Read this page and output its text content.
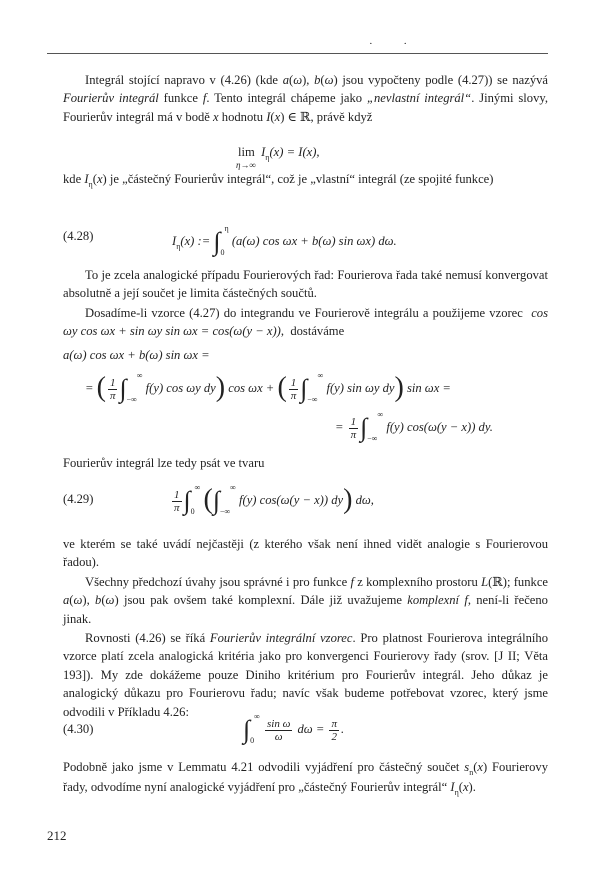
· ·

Integrál stojící napravo v (4.26) (kde a(ω), b(ω) jsou vypočteny podle (4.27)) se nazývá Fourierův integrál funkce f. Tento integrál chápeme jako „nevlastní integrál“. Jinými slovy, Fourierův integrál má v bodě x hodnotu I(x) ∈ ℝ, právě když

$\lim I_\eta(x) = I(x)$,
η→∞

kde $I_\eta(x)$ je „částečný Fourierův integrál“, což je „vlastní“ integrál (ze spojité funkce)

(4.28)	$I_\eta(x)$ := $\int_0^\eta$ (a(ω) cos ωx + b(ω) sin ωx) dω.

To je zcela analogické případu Fourierových řad: Fourierova řada také nemusí konvergovat absolutně a její součet je limita částečných součtů.

Dosadíme-li vzorce (4.27) do integrandu ve Fourierově integrálu a použijeme vzorec  cos ωy cos ωx + sin ωy sin ωx = cos(ω(y − x)),  dostáváme

a(ω) cos ωx + b(ω) sin ωx =
= ( $\frac{1}{\pi} \int_{-\infty}^\infty$ f(y) cos ωy dy) cos ωx + ( $\frac{1}{\pi} \int_{-\infty}^\infty$ f(y) sin ωy dy) sin ωx =
= $\frac{1}{\pi} \int_{-\infty}^\infty$ f(y) cos(ω(y − x)) dy.

Fourierův integrál lze tedy psát ve tvaru

(4.29)	$\frac{1}{\pi} \int_0^\infty$ ($\int_{-\infty}^\infty$ f(y) cos(ω(y − x)) dy) dω,

ve kterém se také uvádí nejčastěji (z kterého však není ihned vidět analogie s Fourierovou řadou).

Všechny předchozí úvahy jsou správné i pro funkce f z komplexního prostoru L(ℝ); funkce a(ω), b(ω) jsou pak ovšem také komplexní. Dále již uvažujeme komplexní f, není-li řečeno jinak.

Rovnosti (4.26) se říká Fourierův integrální vzorec. Pro platnost Fourierova integrálního vzorce platí zcela analogická kritéria jako pro konvergenci Fourierovy řady (srov. [J II; Věta 193]). My zde dokážeme pouze Diniho kritérium pro Fourierův integrál. Jeho důkaz je analogický důkazu pro Fourierovu řadu; navíc však budeme potřebovat vzorec, který jsme odvodili v Příkladu 4.26:

(4.30)	$\int_0^\infty$
$\frac{\text{sin ω}}{\omega}$ $d\omega = \frac{\pi}{2}$ .

Podobně jako jsme v Lemmatu 4.21 odvodili vyjádření pro částečný součet $s_n(x)$ Fourierovy řady, odvodíme nyní analogické vyjádření pro „částečný Fourierův integrál“ $I_\eta(x)$.

212
